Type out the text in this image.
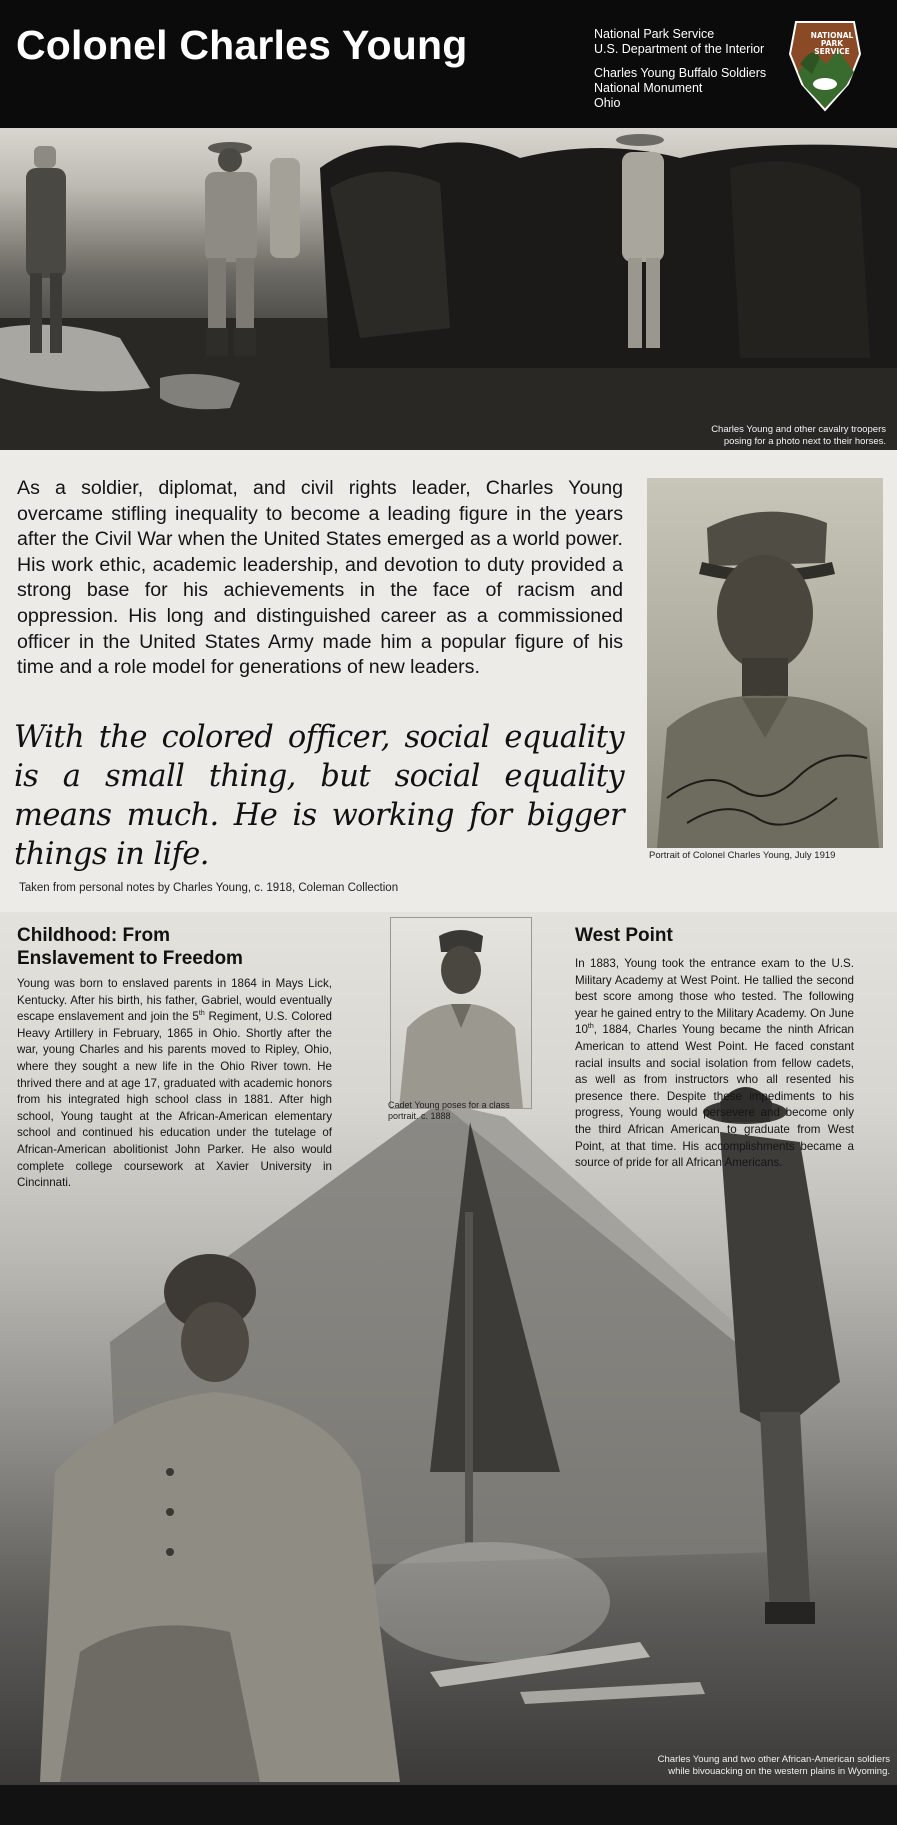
Colonel Charles Young	National Park Service
U.S. Department of the Interior
Charles Young Buffalo Soldiers
National Monument
Ohio
NATIONAL
PARK
SERVICE
Charles Young and other cavalry troopers
posing for a photo next to their horses.
As a soldier, diplomat, and civil rights leader, Charles Young overcame stifling inequality to become a leading figure in the years after the Civil War when the United States emerged as a world power. His work ethic, academic leadership, and devotion to duty provided a strong base for his achievements in the face of racism and oppression. His long and distinguished career as a commissioned officer in the United States Army made him a popular figure of his time and a role model for generations of new leaders.
With the colored officer, social equality is a small thing, but social equality means much. He is working for bigger things in life.
Taken from personal notes by Charles Young, c. 1918, Coleman Collection
Portrait of Colonel Charles Young, July 1919
Childhood: From
Enslavement to Freedom
Young was born to enslaved parents in 1864 in Mays Lick, Kentucky. After his birth, his father, Gabriel, would eventually escape enslavement and join the 5th Regiment, U.S. Colored Heavy Artillery in February, 1865 in Ohio. Shortly after the war, young Charles and his parents moved to Ripley, Ohio, where they sought a new life in the Ohio River town. He thrived there and at age 17, graduated with academic honors from his integrated high school class in 1881. After high school, Young taught at the African-American elementary school and continued his education under the tutelage of African-American abolitionist John Parker. He also would complete college coursework at Xavier University in Cincinnati.
Cadet Young poses for a class portrait. c. 1888
West Point
In 1883, Young took the entrance exam to the U.S. Military Academy at West Point. He tallied the second best score among those who tested. The following year he gained entry to the Military Academy. On June 10th, 1884, Charles Young became the ninth African American to attend West Point. He faced constant racial insults and social isolation from fellow cadets, as well as from instructors who all resented his presence there. Despite these impediments to his progress, Young would persevere and become only the third African American to graduate from West Point, at that time. His accomplishments became a source of pride for all African Americans.
Charles Young and two other African-American soldiers
while bivouacking on the western plains in Wyoming.
